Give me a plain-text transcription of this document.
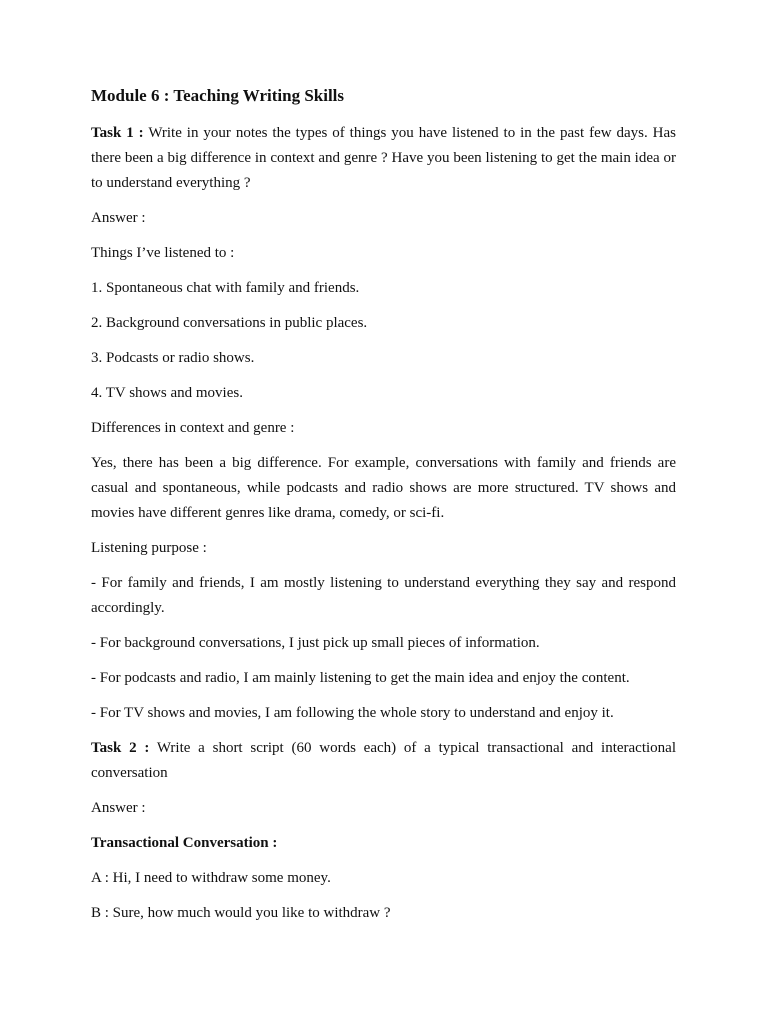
Module 6 : Teaching Writing Skills

Task 1 : Write in your notes the types of things you have listened to in the past few days. Has there been a big difference in context and genre ? Have you been listening to get the main idea or to understand everything ?

Answer :

Things I’ve listened to :

1. Spontaneous chat with family and friends.

2. Background conversations in public places.

3. Podcasts or radio shows.

4. TV shows and movies.

Differences in context and genre :

Yes, there has been a big difference. For example, conversations with family and friends are casual and spontaneous, while podcasts and radio shows are more structured. TV shows and movies have different genres like drama, comedy, or sci-fi.

Listening purpose :

- For family and friends, I am mostly listening to understand everything they say and respond accordingly.

- For background conversations, I just pick up small pieces of information.

- For podcasts and radio, I am mainly listening to get the main idea and enjoy the content.

- For TV shows and movies, I am following the whole story to understand and enjoy it.

Task 2 : Write a short script (60 words each) of a typical transactional and interactional conversation

Answer :

Transactional Conversation :

A : Hi, I need to withdraw some money.

B : Sure, how much would you like to withdraw ?
